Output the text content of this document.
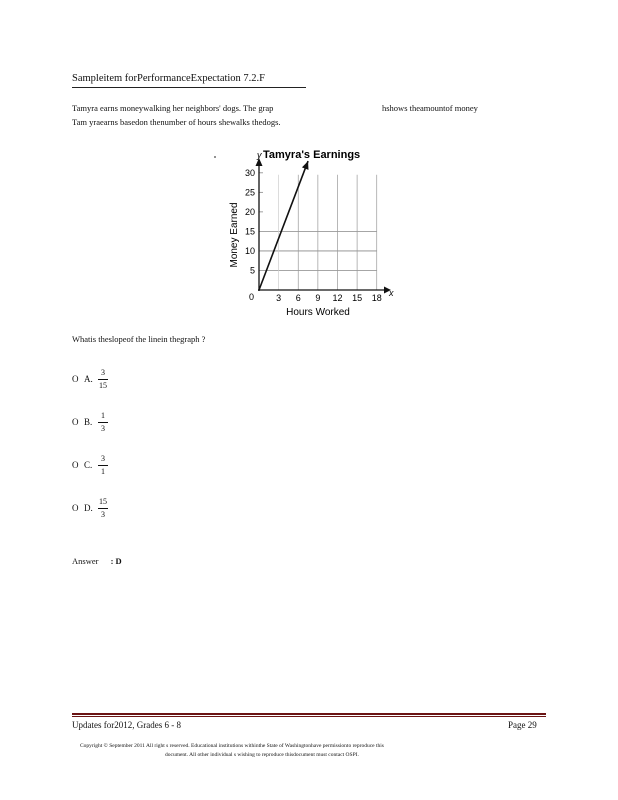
Sampleitem forPerformanceExpectation 7.2.F
Tamyra earns moneywalking her neighbors' dogs. The grap	hshows theamountof money
Tam yraearns basedon thenumber of hours shewalks thedogs.
Tamyra's Earnings
3 6 9 12 15 18
5
10
15
20
25
30
y
x
0
Hours Worked
Money Earned
Whatis theslopeof the linein thegraph ?
O A. $\frac{3}{15}$
O B. $\frac{1}{3}$
O C. $\frac{3}{1}$
O D. $\frac{15}{3}$
Answer : D
Updates for2012, Grades 6 - 8	Page 29
Copyright © September 2011 All right s reserved. Educational institutions withinthe State of Washingtonhave permissionto reproduce this
document. All other individual s wishing to reproduce thisdocument must contact OSPI.
